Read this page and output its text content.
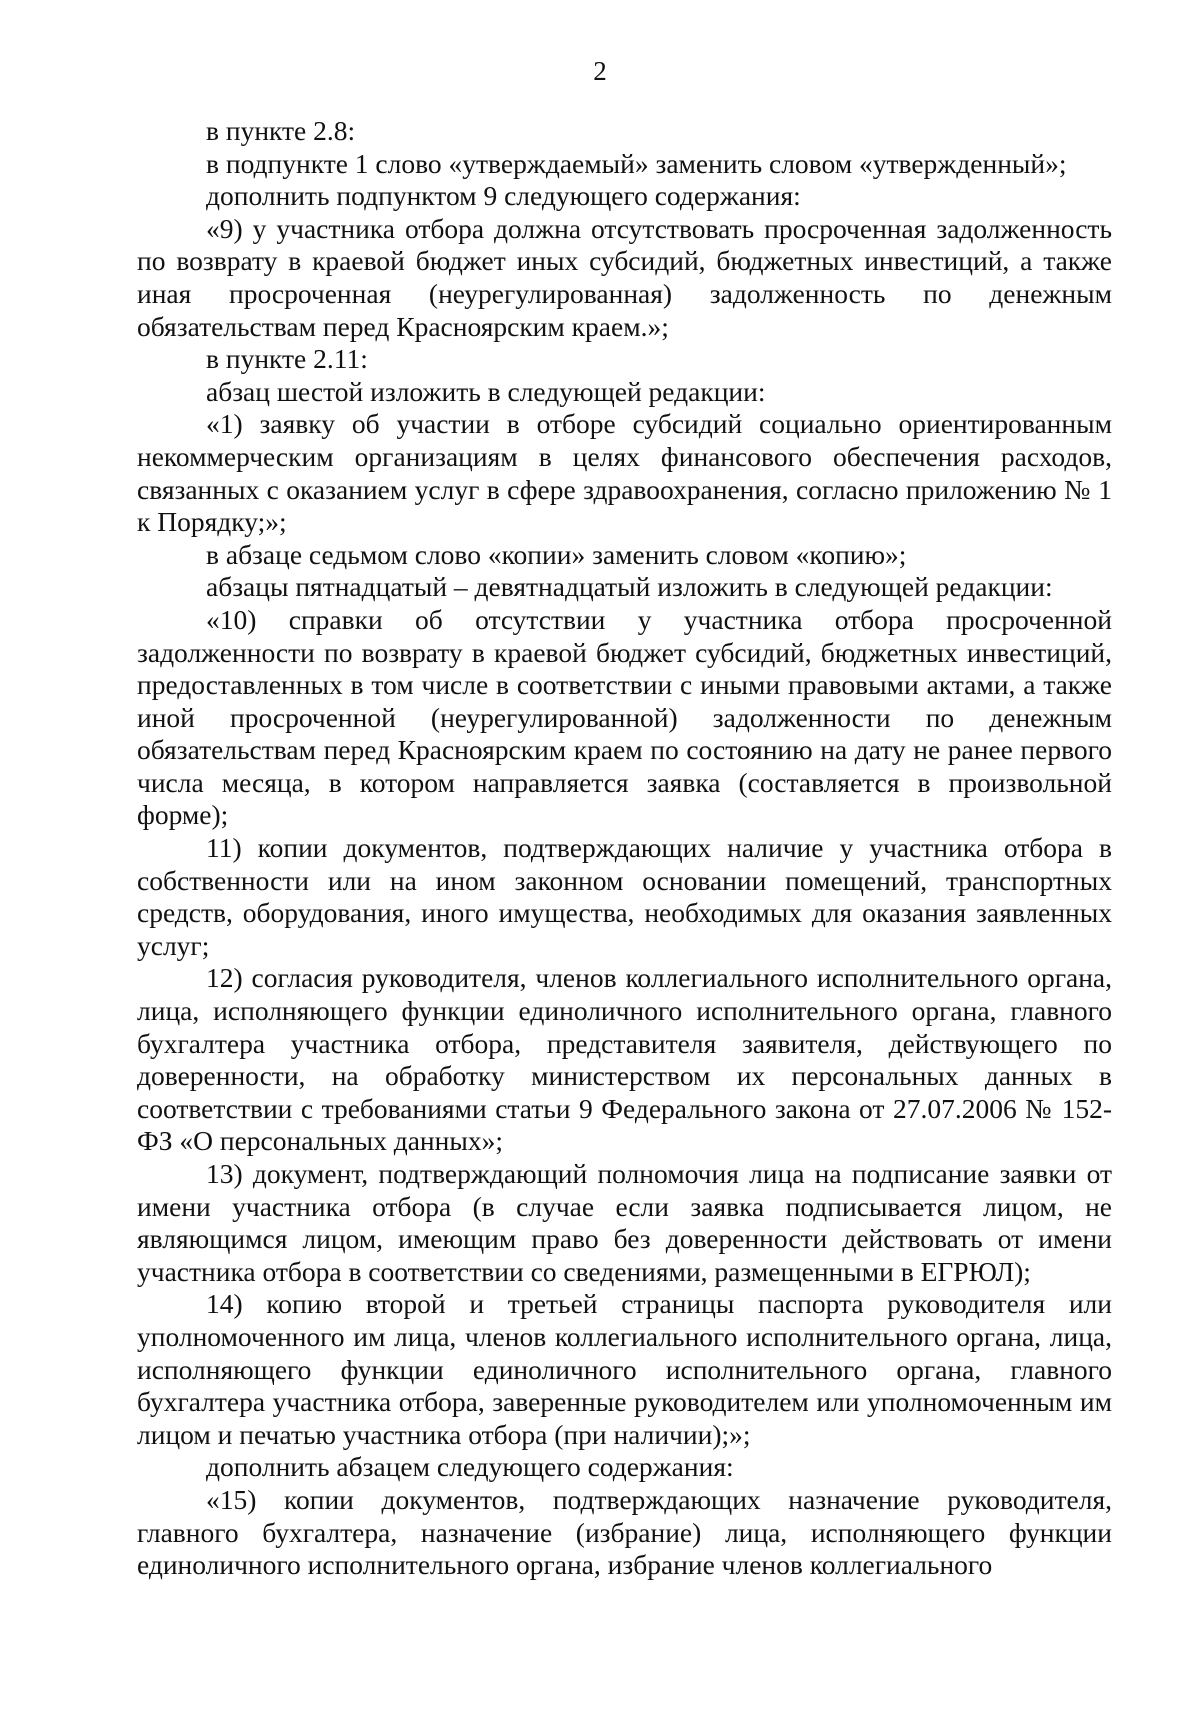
2

в пункте 2.8:

в подпункте 1 слово «утверждаемый» заменить словом «утвержденный»;

дополнить подпунктом 9 следующего содержания:

«9) у участника отбора должна отсутствовать просроченная задолженность по возврату в краевой бюджет иных субсидий, бюджетных инвестиций, а также иная просроченная (неурегулированная) задолженность по денежным обязательствам перед Красноярским краем.»;

в пункте 2.11:

абзац шестой изложить в следующей редакции:

«1) заявку об участии в отборе субсидий социально ориентированным некоммерческим организациям в целях финансового обеспечения расходов, связанных с оказанием услуг в сфере здравоохранения, согласно приложению № 1 к Порядку;»;

в абзаце седьмом слово «копии» заменить словом «копию»;

абзацы пятнадцатый – девятнадцатый изложить в следующей редакции:

«10) справки об отсутствии у участника отбора просроченной задолженности по возврату в краевой бюджет субсидий, бюджетных инвестиций, предоставленных в том числе в соответствии с иными правовыми актами, а также иной просроченной (неурегулированной) задолженности по денежным обязательствам перед Красноярским краем по состоянию на дату не ранее первого числа месяца, в котором направляется заявка (составляется в произвольной форме);

11) копии документов, подтверждающих наличие у участника отбора в собственности или на ином законном основании помещений, транспортных средств, оборудования, иного имущества, необходимых для оказания заявленных услуг;

12) согласия руководителя, членов коллегиального исполнительного органа, лица, исполняющего функции единоличного исполнительного органа, главного бухгалтера участника отбора, представителя заявителя, действующего по доверенности, на обработку министерством их персональных данных в соответствии с требованиями статьи 9 Федерального закона от 27.07.2006 № 152-ФЗ «О персональных данных»;

13) документ, подтверждающий полномочия лица на подписание заявки от имени участника отбора (в случае если заявка подписывается лицом, не являющимся лицом, имеющим право без доверенности действовать от имени участника отбора в соответствии со сведениями, размещенными в ЕГРЮЛ);

14) копию второй и третьей страницы паспорта руководителя или уполномоченного им лица, членов коллегиального исполнительного органа, лица, исполняющего функции единоличного исполнительного органа, главного бухгалтера участника отбора, заверенные руководителем или уполномоченным им лицом и печатью участника отбора (при наличии);»;

дополнить абзацем следующего содержания:

«15) копии документов, подтверждающих назначение руководителя, главного бухгалтера, назначение (избрание) лица, исполняющего функции единоличного исполнительного органа, избрание членов коллегиального
